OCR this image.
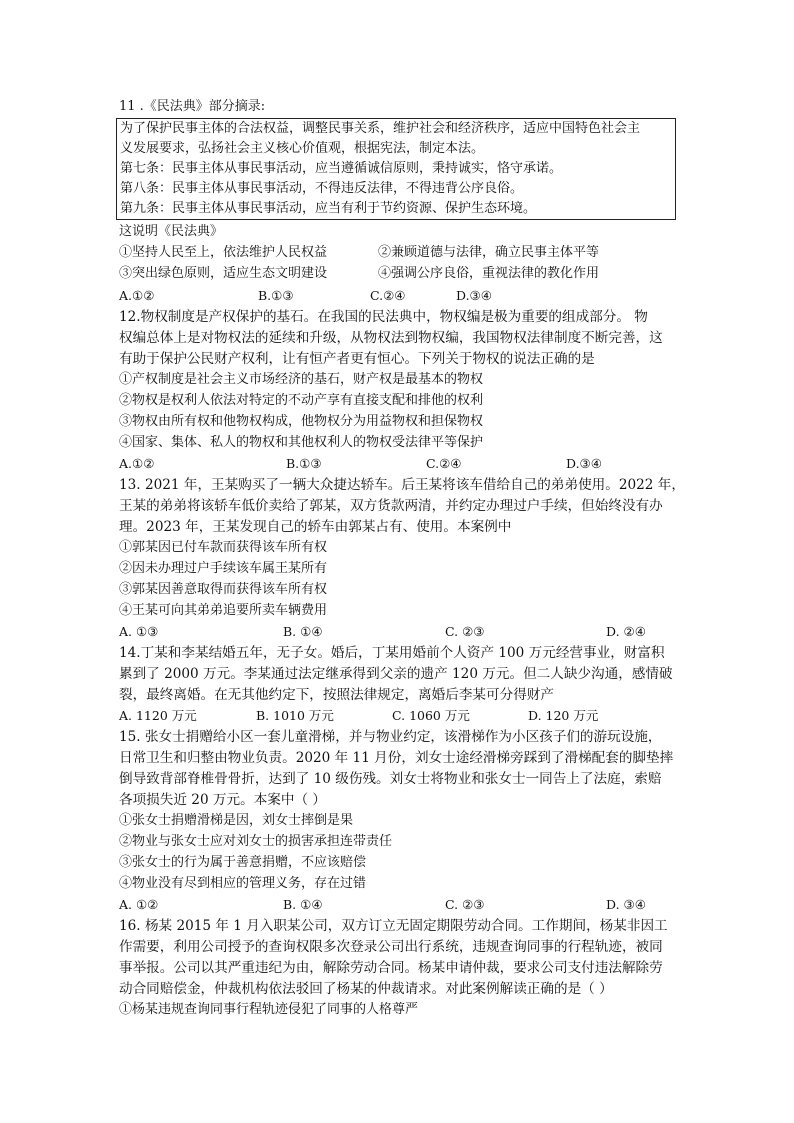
11 .《民法典》部分摘录:
为了保护民事主体的合法权益，调整民事关系，维护社会和经济秩序，适应中国特色社会主
义发展要求，弘扬社会主义核心价值观，根据宪法，制定本法。
第七条：民事主体从事民事活动，应当遵循诚信原则，秉持诚实，恪守承诺。
第八条：民事主体从事民事活动，不得违反法律，不得违背公序良俗。
第九条：民事主体从事民事活动，应当有利于节约资源、保护生态环境。
这说明《民法典》
①坚持人民至上，依法维护人民权益	②兼顾道德与法律，确立民事主体平等
③突出绿色原则，适应生态文明建设	④强调公序良俗，重视法律的教化作用
A.①②	B.①③	C.②④	D.③④
12.物权制度是产权保护的基石。在我国的民法典中，物权编是极为重要的组成部分。 物
权编总体上是对物权法的延续和升级，从物权法到物权编，我国物权法律制度不断完善，这
有助于保护公民财产权利，让有恒产者更有恒心。下列关于物权的说法正确的是
①产权制度是社会主义市场经济的基石，财产权是最基本的物权
②物权是权利人依法对特定的不动产享有直接支配和排他的权利
③物权由所有权和他物权构成，他物权分为用益物权和担保物权
④国家、集体、私人的物权和其他权利人的物权受法律平等保护
A.①②	B.①③	C.②④	D.③④
13. 2021 年，王某购买了一辆大众捷达轿车。后王某将该车借给自己的弟弟使用。2022 年，
王某的弟弟将该轿车低价卖给了郭某，双方货款两清，并约定办理过户手续，但始终没有办
理。2023 年，王某发现自己的轿车由郭某占有、使用。本案例中
①郭某因已付车款而获得该车所有权
②因未办理过户手续该车属王某所有
③郭某因善意取得而获得该车所有权
④王某可向其弟弟追要所卖车辆费用
A. ①③	B. ①④	C. ②③	D. ②④
14.丁某和李某结婚五年，无子女。婚后，丁某用婚前个人资产 100 万元经营事业，财富积
累到了 2000 万元。李某通过法定继承得到父亲的遗产 120 万元。但二人缺少沟通，感情破
裂，最终离婚。在无其他约定下，按照法律规定，离婚后李某可分得财产
A. 1120 万元	B. 1010 万元	C. 1060 万元	D. 120 万元
15. 张女士捐赠给小区一套儿童滑梯，并与物业约定，该滑梯作为小区孩子们的游玩设施，
日常卫生和归整由物业负责。2020 年 11 月份，刘女士途经滑梯旁踩到了滑梯配套的脚垫摔
倒导致背部脊椎骨骨折，达到了 10 级伤残。刘女士将物业和张女士一同告上了法庭，索赔
各项损失近 20 万元。本案中（ ）
①张女士捐赠滑梯是因，刘女士摔倒是果
②物业与张女士应对刘女士的损害承担连带责任
③张女士的行为属于善意捐赠，不应该赔偿
④物业没有尽到相应的管理义务，存在过错
A. ①②	B. ①④	C. ②③	D. ③④
16. 杨某 2015 年 1 月入职某公司，双方订立无固定期限劳动合同。工作期间，杨某非因工
作需要，利用公司授予的查询权限多次登录公司出行系统，违规查询同事的行程轨迹，被同
事举报。公司以其严重违纪为由，解除劳动合同。杨某申请仲裁，要求公司支付违法解除劳
动合同赔偿金，仲裁机构依法驳回了杨某的仲裁请求。对此案例解读正确的是（ ）
①杨某违规查询同事行程轨迹侵犯了同事的人格尊严
